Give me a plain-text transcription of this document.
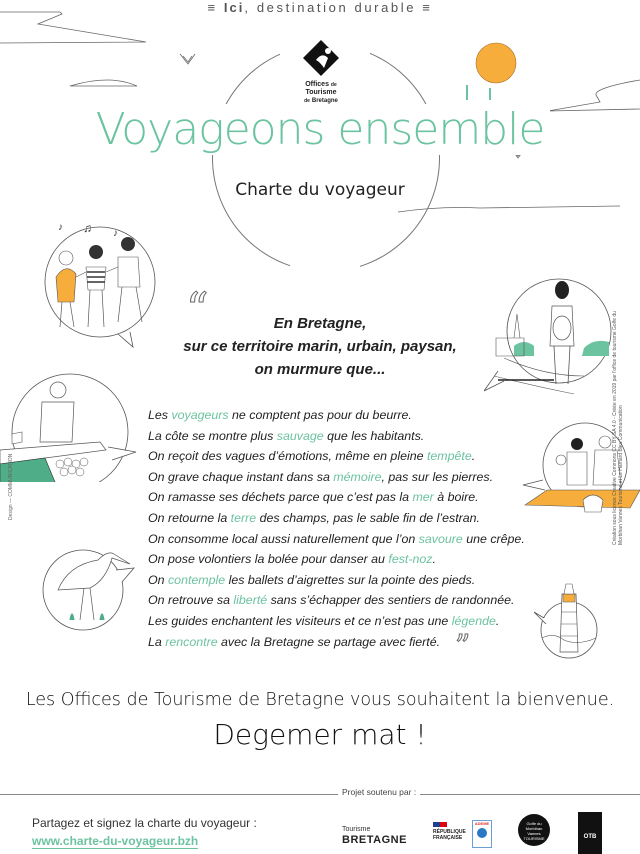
≡ Ici, destination durable ≡
Offices de
Tourisme
de Bretagne
Voyageons ensemble
Charte du voyageur
♪ ♫ ♪
“	En Bretagne,
sur ce territoire marin, urbain, paysan,
on murmure que...
Les voyageurs ne comptent pas pour du beurre.
La côte se montre plus sauvage que les habitants.
On reçoit des vagues d’émotions, même en pleine tempête.
On grave chaque instant dans sa mémoire, pas sur les pierres.
On ramasse ses déchets parce que c’est pas la mer à boire.
On retourne la terre des champs, pas le sable fin de l’estran.
On consomme local aussi naturellement que l’on savoure une crêpe.
On pose volontiers la bolée pour danser au fest-noz.
On contemple les ballets d’aigrettes sur la pointe des pieds.
On retrouve sa liberté sans s’échapper des sentiers de randonnée.
Les guides enchantent les visiteurs et ce n’est pas une légende.
La rencontre avec la Bretagne se partage avec fierté. ”
Les Offices de Tourisme de Bretagne vous souhaitent la bienvenue.
Degemer mat !
Création sous licence Creative Commons CC BY SA 4.0 - Créée en 2019 par l'office de tourisme Golfe du Morbihan Vannes Tourisme et Le Hamard Bleu Communication
Design — COMMUNICATION
Projet soutenu par :
Partagez et signez la charte du voyageur :
www.charte-du-voyageur.bzh
Tourisme
BRETAGNE
RÉPUBLIQUE
FRANÇAISE
ADEME	Golfe du
Morbihan
Vannes
TOURISME	OTB
